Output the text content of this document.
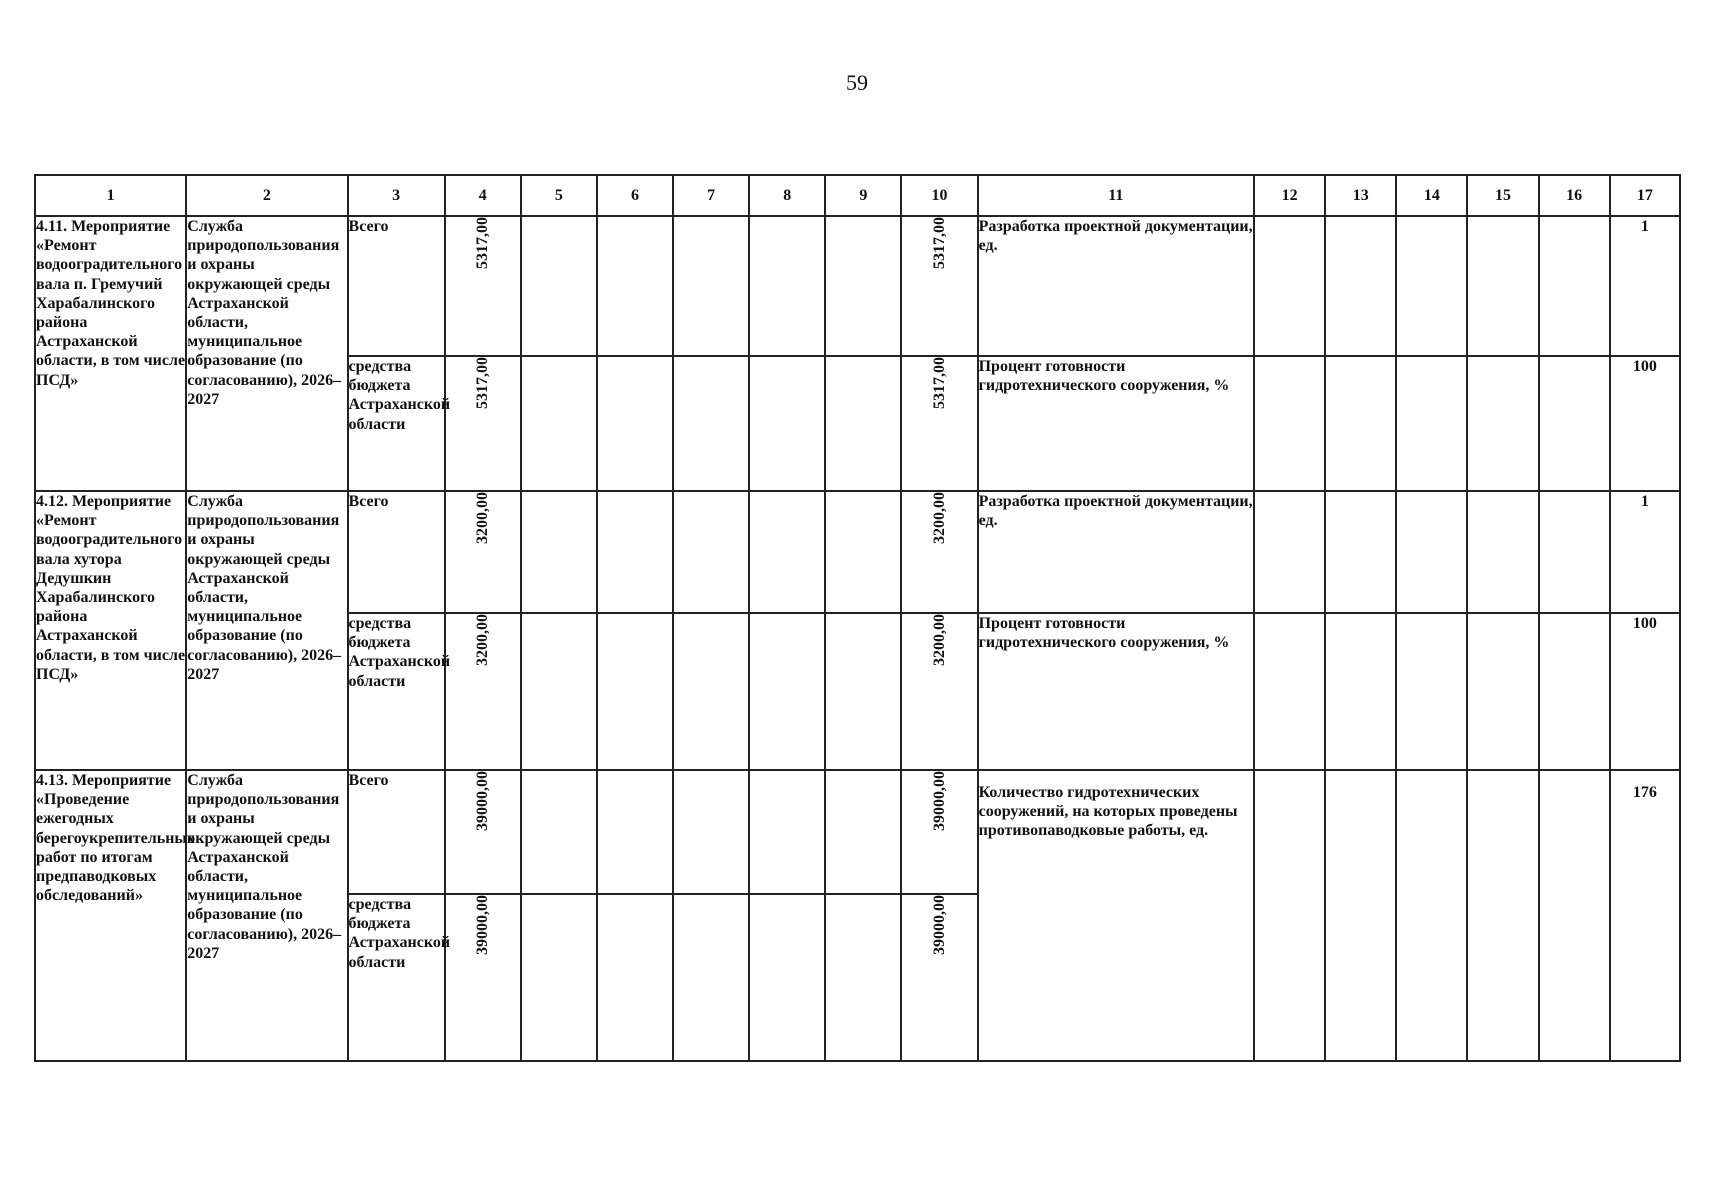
59
1	2	3	4	5	6	7	8	9	10	11	12	13	14	15	16	17
4.11. Мероприятие «Ремонт водооградительного вала п. Гремучий Харабалинского района Астраханской области, в том числе ПСД»	Служба природопользования и охраны окружающей среды Астраханской области, муниципальное образование (по согласованию), 2026–2027	Всего	5317,00						5317,00	Разработка проектной документации, ед.						1
		средства бюджета Астраханской области	5317,00						5317,00	Процент готовности гидротехнического сооружения, %						100
4.12. Мероприятие «Ремонт водооградительного вала хутора Дедушкин Харабалинского района Астраханской области, в том числе ПСД»	Служба природопользования и охраны окружающей среды Астраханской области, муниципальное образование (по согласованию), 2026–2027	Всего	3200,00						3200,00	Разработка проектной документации, ед.						1
		средства бюджета Астраханской области	3200,00						3200,00	Процент готовности гидротехнического сооружения, %						100
4.13. Мероприятие «Проведение ежегодных берегоукрепительных работ по итогам предпаводковых обследований»	Служба природопользования и охраны окружающей среды Астраханской области, муниципальное образование (по согласованию), 2026–2027	Всего	39000,00						39000,00	Количество гидротехнических сооружений, на которых проведены противопаводковые работы, ед.						176
		средства бюджета Астраханской области	39000,00						39000,00							
